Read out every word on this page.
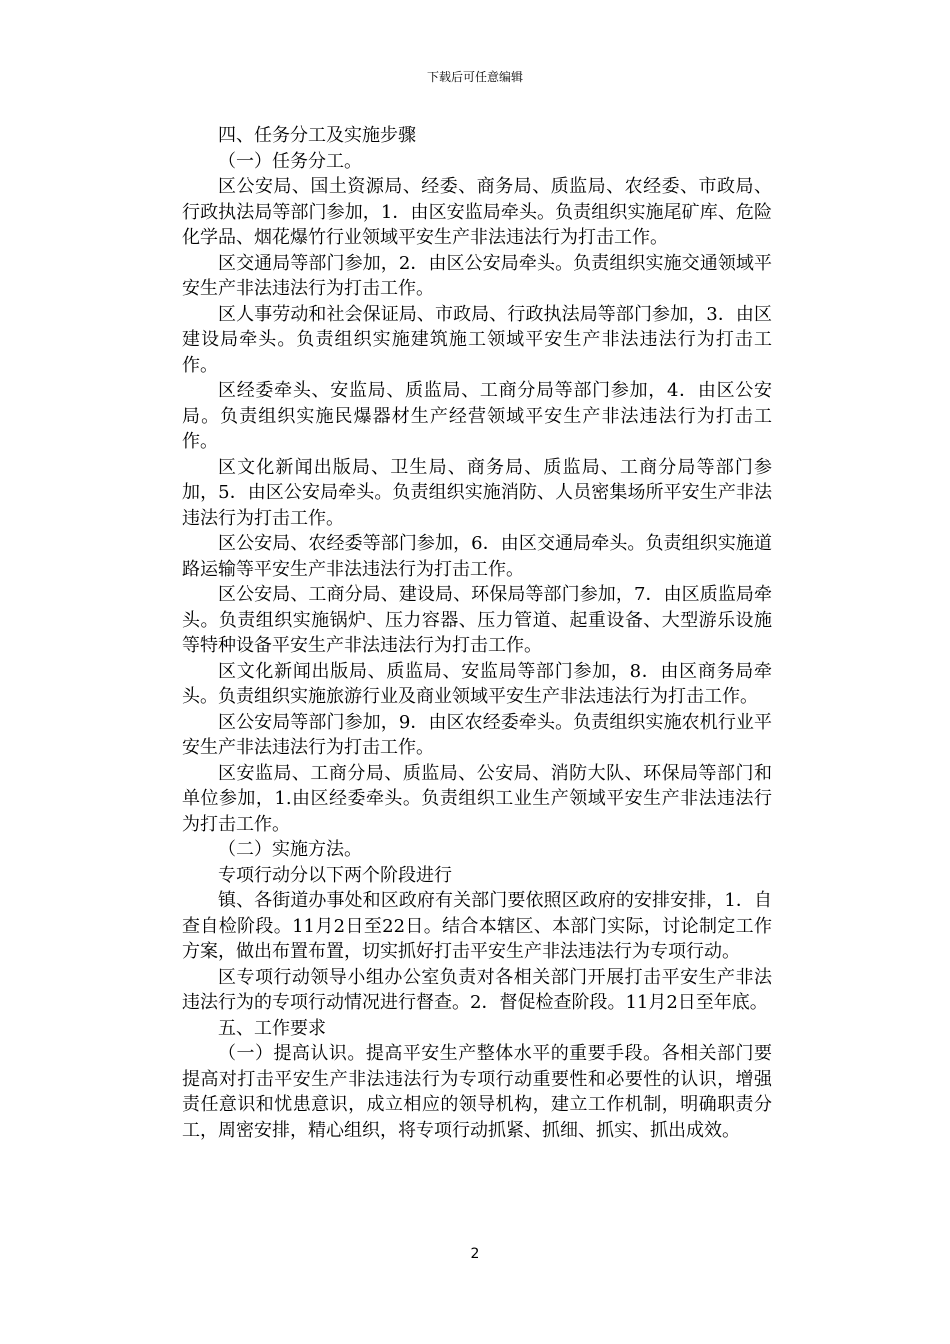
下载后可任意编辑

四、任务分工及实施步骤

（一）任务分工。

区公安局、国土资源局、经委、商务局、质监局、农经委、市政局、行政执法局等部门参加，1．由区安监局牵头。负责组织实施尾矿库、危险化学品、烟花爆竹行业领域平安生产非法违法行为打击工作。

区交通局等部门参加，2．由区公安局牵头。负责组织实施交通领域平安生产非法违法行为打击工作。

区人事劳动和社会保证局、市政局、行政执法局等部门参加，3．由区建设局牵头。负责组织实施建筑施工领域平安生产非法违法行为打击工作。

区经委牵头、安监局、质监局、工商分局等部门参加，4．由区公安局。负责组织实施民爆器材生产经营领域平安生产非法违法行为打击工作。

区文化新闻出版局、卫生局、商务局、质监局、工商分局等部门参加，5．由区公安局牵头。负责组织实施消防、人员密集场所平安生产非法违法行为打击工作。

区公安局、农经委等部门参加，6．由区交通局牵头。负责组织实施道路运输等平安生产非法违法行为打击工作。

区公安局、工商分局、建设局、环保局等部门参加，7．由区质监局牵头。负责组织实施锅炉、压力容器、压力管道、起重设备、大型游乐设施等特种设备平安生产非法违法行为打击工作。

区文化新闻出版局、质监局、安监局等部门参加，8．由区商务局牵头。负责组织实施旅游行业及商业领域平安生产非法违法行为打击工作。

区公安局等部门参加，9．由区农经委牵头。负责组织实施农机行业平安生产非法违法行为打击工作。

区安监局、工商分局、质监局、公安局、消防大队、环保局等部门和单位参加，1.由区经委牵头。负责组织工业生产领域平安生产非法违法行为打击工作。

（二）实施方法。

专项行动分以下两个阶段进行

镇、各街道办事处和区政府有关部门要依照区政府的安排安排，1．自查自检阶段。11月2日至22日。结合本辖区、本部门实际，讨论制定工作方案，做出布置布置，切实抓好打击平安生产非法违法行为专项行动。

区专项行动领导小组办公室负责对各相关部门开展打击平安生产非法违法行为的专项行动情况进行督查。2．督促检查阶段。11月2日至年底。

五、工作要求

（一）提高认识。提高平安生产整体水平的重要手段。各相关部门要提高对打击平安生产非法违法行为专项行动重要性和必要性的认识，增强责任意识和忧患意识，成立相应的领导机构，建立工作机制，明确职责分工，周密安排，精心组织，将专项行动抓紧、抓细、抓实、抓出成效。

2
